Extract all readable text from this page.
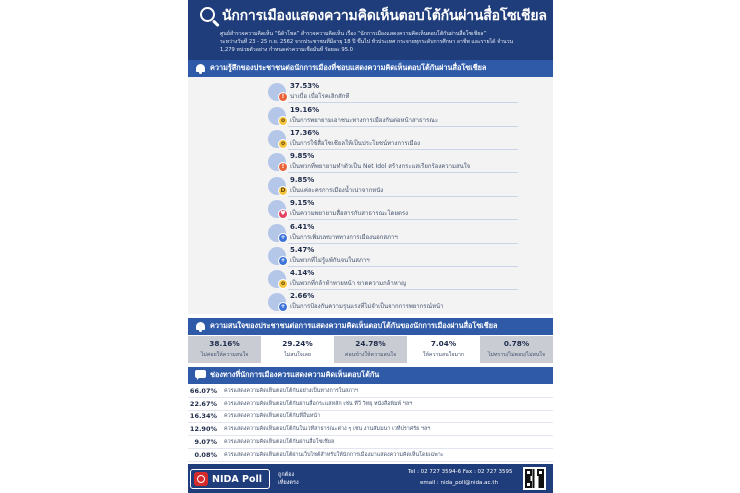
นักการเมืองแสดงความคิดเห็นตอบโต้กันผ่านสื่อโซเชียล
ศูนย์สำรวจความคิดเห็น “นิด้าโพล” สำรวจความคิดเห็น เรื่อง “นักการเมืองแสดงความคิดเห็นตอบโต้กันผ่านสื่อโซเชียล”
ระหว่างวันที่ 23 - 25 ก.ย. 2562 จากประชาชนที่มีอายุ 18 ปี ขึ้นไป ทั่วประเทศ กระจายทุกระดับการศึกษา อาชีพ และรายได้ จำนวน
1,279 หน่วยตัวอย่าง กำหนดค่าความเชื่อมั่นที่ ร้อยละ 95.0
ความรู้สึกของประชาชนต่อนักการเมืองที่ชอบแสดงความคิดเห็นตอบโต้กันผ่านสื่อโซเชียล
!
37.53%
น่าเบื่อ เบื่อโรคเลิกสักที
o
19.16%
เป็นการพยายามเอาชนะทางการเมืองกันต่อหน้าสาธารณะ
o
17.36%
เป็นการใช้สื่อโซเชียลให้เป็นประโยชน์ทางการเมือง
!
9.85%
เป็นพวกที่พยายามทำตัวเป็น Net Idol สร้างกระแสเรียกร้องความสนใจ
D
9.85%
เป็นแค่ละครการเมืองน้ำเน่าจากหนัง
♥
9.15%
เป็นความพยายามสื่อสารกับสาธารณะโดยตรง
+
6.41%
เป็นการเพิ่มบทบาททางการเมืองนอกสภาฯ
+
5.47%
เป็นพวกที่ไม่รู้แพ้กันจนในสภาฯ
o
4.14%
เป็นพวกที่กล้าท้าทายหน้า ขาดความกล้าหาญ
+
2.66%
เป็นการป้องกันความรุนแรงที่ไม่จำเป็นจากการพยากรณ์หน้า
ความสนใจของประชาชนต่อการแสดงความคิดเห็นตอบโต้กันของนักการเมืองผ่านสื่อโซเชียล
38.16%
ไม่ค่อยให้ความสนใจ
29.24%
ไม่สนใจเลย
24.78%
ค่อนข้างให้ความสนใจ
7.04%
ให้ความสนใจมาก
0.78%
ไม่ทราบ/ไม่ตอบ/ไม่สนใจ
ช่องทางที่นักการเมืองควรแสดงความคิดเห็นตอบโต้กัน
66.07%	ควรแสดงความคิดเห็นตอบโต้กันอย่างเป็นทางการในสภาฯ
22.67%	ควรแสดงความคิดเห็นตอบโต้กันผ่านสื่อกระแสหลัก เช่น ทีวี วิทยุ หนังสือพิมพ์ ฯลฯ
16.34%	ควรแสดงความคิดเห็นตอบโต้กันที่อื่นหน้า
12.90%	ควรแสดงความคิดเห็นตอบโต้กันในเวทีสาธารณะต่าง ๆ เช่น งานสัมมนา เวทีปราศรัย ฯลฯ
9.07%	ควรแสดงความคิดเห็นตอบโต้กันผ่านสื่อโซเชียล
0.08%	ควรแสดงความคิดเห็นตอบโต้ผ่านเว็บไซต์สำหรับให้นักการเมืองมาแสดงความคิดเห็นโดยเฉพาะ
NIDA Poll	ถูกต้อง
เที่ยงตรง
Tel : 02 727 3594-6 Fax : 02 727 3595
email : nida_poll@nida.ac.th
